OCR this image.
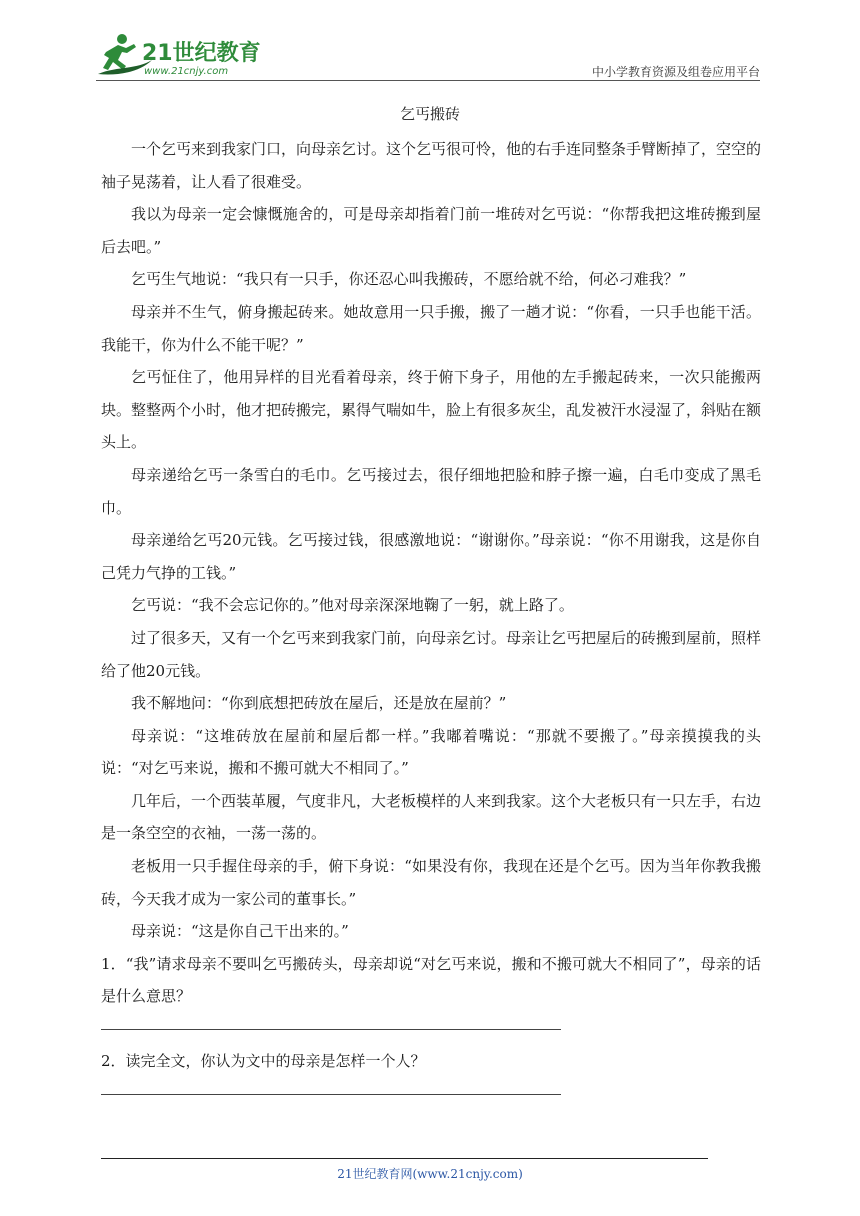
21世纪教育
www.21cnjy.com	中小学教育资源及组卷应用平台
乞丐搬砖

一个乞丐来到我家门口，向母亲乞讨。这个乞丐很可怜，他的右手连同整条手臂断掉了，空空的袖子晃荡着，让人看了很难受。

我以为母亲一定会慷慨施舍的，可是母亲却指着门前一堆砖对乞丐说：“你帮我把这堆砖搬到屋后去吧。”

乞丐生气地说：“我只有一只手，你还忍心叫我搬砖，不愿给就不给，何必刁难我？”

母亲并不生气，俯身搬起砖来。她故意用一只手搬，搬了一趟才说：“你看，一只手也能干活。我能干，你为什么不能干呢？”

乞丐怔住了，他用异样的目光看着母亲，终于俯下身子，用他的左手搬起砖来，一次只能搬两块。整整两个小时，他才把砖搬完，累得气喘如牛，脸上有很多灰尘，乱发被汗水浸湿了，斜贴在额头上。

母亲递给乞丐一条雪白的毛巾。乞丐接过去，很仔细地把脸和脖子擦一遍，白毛巾变成了黑毛巾。

母亲递给乞丐20元钱。乞丐接过钱，很感激地说：“谢谢你。”母亲说：“你不用谢我，这是你自己凭力气挣的工钱。”

乞丐说：“我不会忘记你的。”他对母亲深深地鞠了一躬，就上路了。

过了很多天，又有一个乞丐来到我家门前，向母亲乞讨。母亲让乞丐把屋后的砖搬到屋前，照样给了他20元钱。

我不解地问：“你到底想把砖放在屋后，还是放在屋前？”

母亲说：“这堆砖放在屋前和屋后都一样。”我嘟着嘴说：“那就不要搬了。”母亲摸摸我的头说：“对乞丐来说，搬和不搬可就大不相同了。”

几年后，一个西装革履，气度非凡，大老板模样的人来到我家。这个大老板只有一只左手，右边是一条空空的衣袖，一荡一荡的。

老板用一只手握住母亲的手，俯下身说：“如果没有你，我现在还是个乞丐。因为当年你教我搬砖，今天我才成为一家公司的董事长。”

母亲说：“这是你自己干出来的。”

1．“我”请求母亲不要叫乞丐搬砖头，母亲却说“对乞丐来说，搬和不搬可就大不相同了”，母亲的话是什么意思？

2．读完全文，你认为文中的母亲是怎样一个人？

21世纪教育网(www.21cnjy.com)
